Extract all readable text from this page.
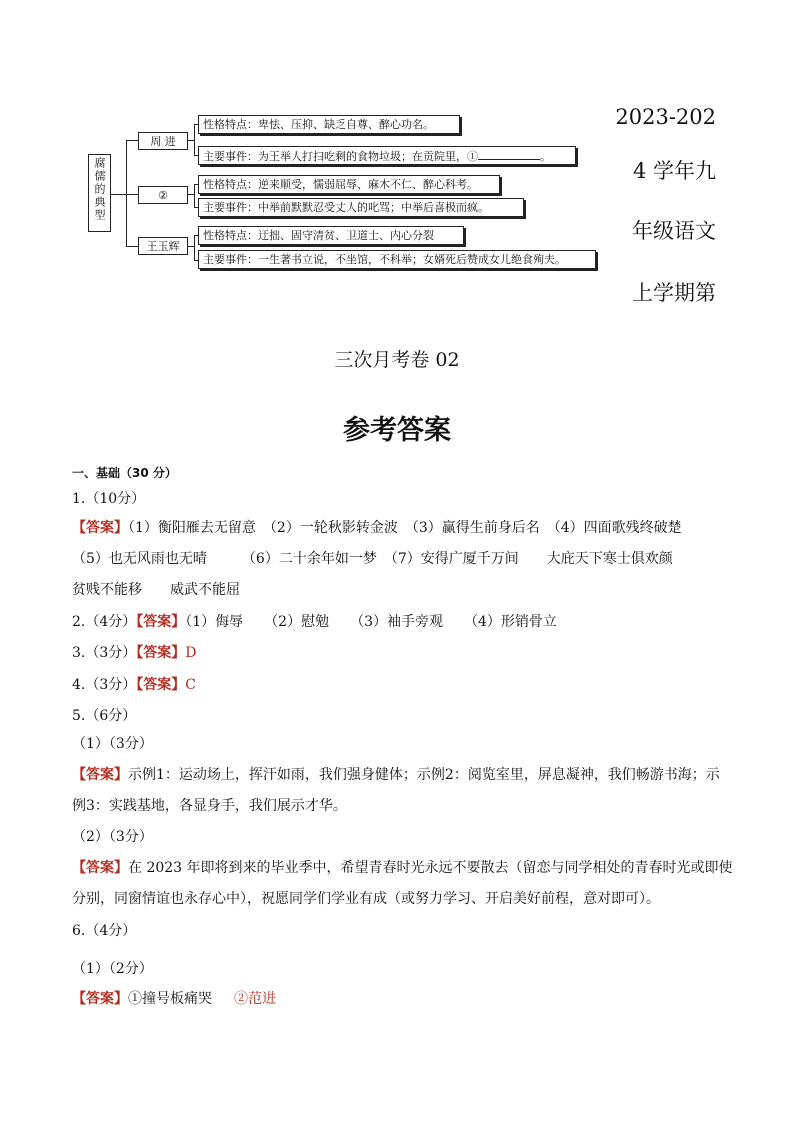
腐儒的典型
周 进
性格特点：卑怯、压抑、缺乏自尊、醉心功名。
主要事件：为王举人打扫吃剩的食物垃圾；在贡院里，①	。
②
性格特点：逆来顺受，懦弱屈辱、麻木不仁、醉心科考。
主要事件：中举前默默忍受丈人的叱骂；中举后喜极而疯。
王玉辉
性格特点：迂拙、固守清贫、卫道士、内心分裂
主要事件：一生著书立说，不坐馆，不科举；女婿死后赞成女儿绝食殉夫。
2023-202
4 学年九
年级语文
上学期第
三次月考卷 02
参考答案
一、基础（30 分）
1.（10分）
【答案】（1）衡阳雁去无留意　（2）一轮秋影转金波　（3）赢得生前身后名　（4）四面歌残终破楚
（5）也无风雨也无晴　　　（6）二十余年如一梦　（7）安得广厦千万间　　大庇天下寒士俱欢颜
贫贱不能移　　威武不能屈
2.（4分）【答案】（1）侮辱　　（2）慰勉　　（3）袖手旁观　　（4）形销骨立
3.（3分）【答案】D
4.（3分）【答案】C
5.（6分）
（1）（3分）
【答案】示例1：运动场上，挥汗如雨，我们强身健体；示例2：阅览室里，屏息凝神，我们畅游书海；示
例3：实践基地，各显身手，我们展示才华。
（2）（3分）
【答案】在 2023 年即将到来的毕业季中，希望青春时光永远不要散去（留恋与同学相处的青春时光或即使
分别，同窗情谊也永存心中），祝愿同学们学业有成（或努力学习、开启美好前程，意对即可）。
6.（4分）
（1）（2分）
【答案】①撞号板痛哭 ②范进
